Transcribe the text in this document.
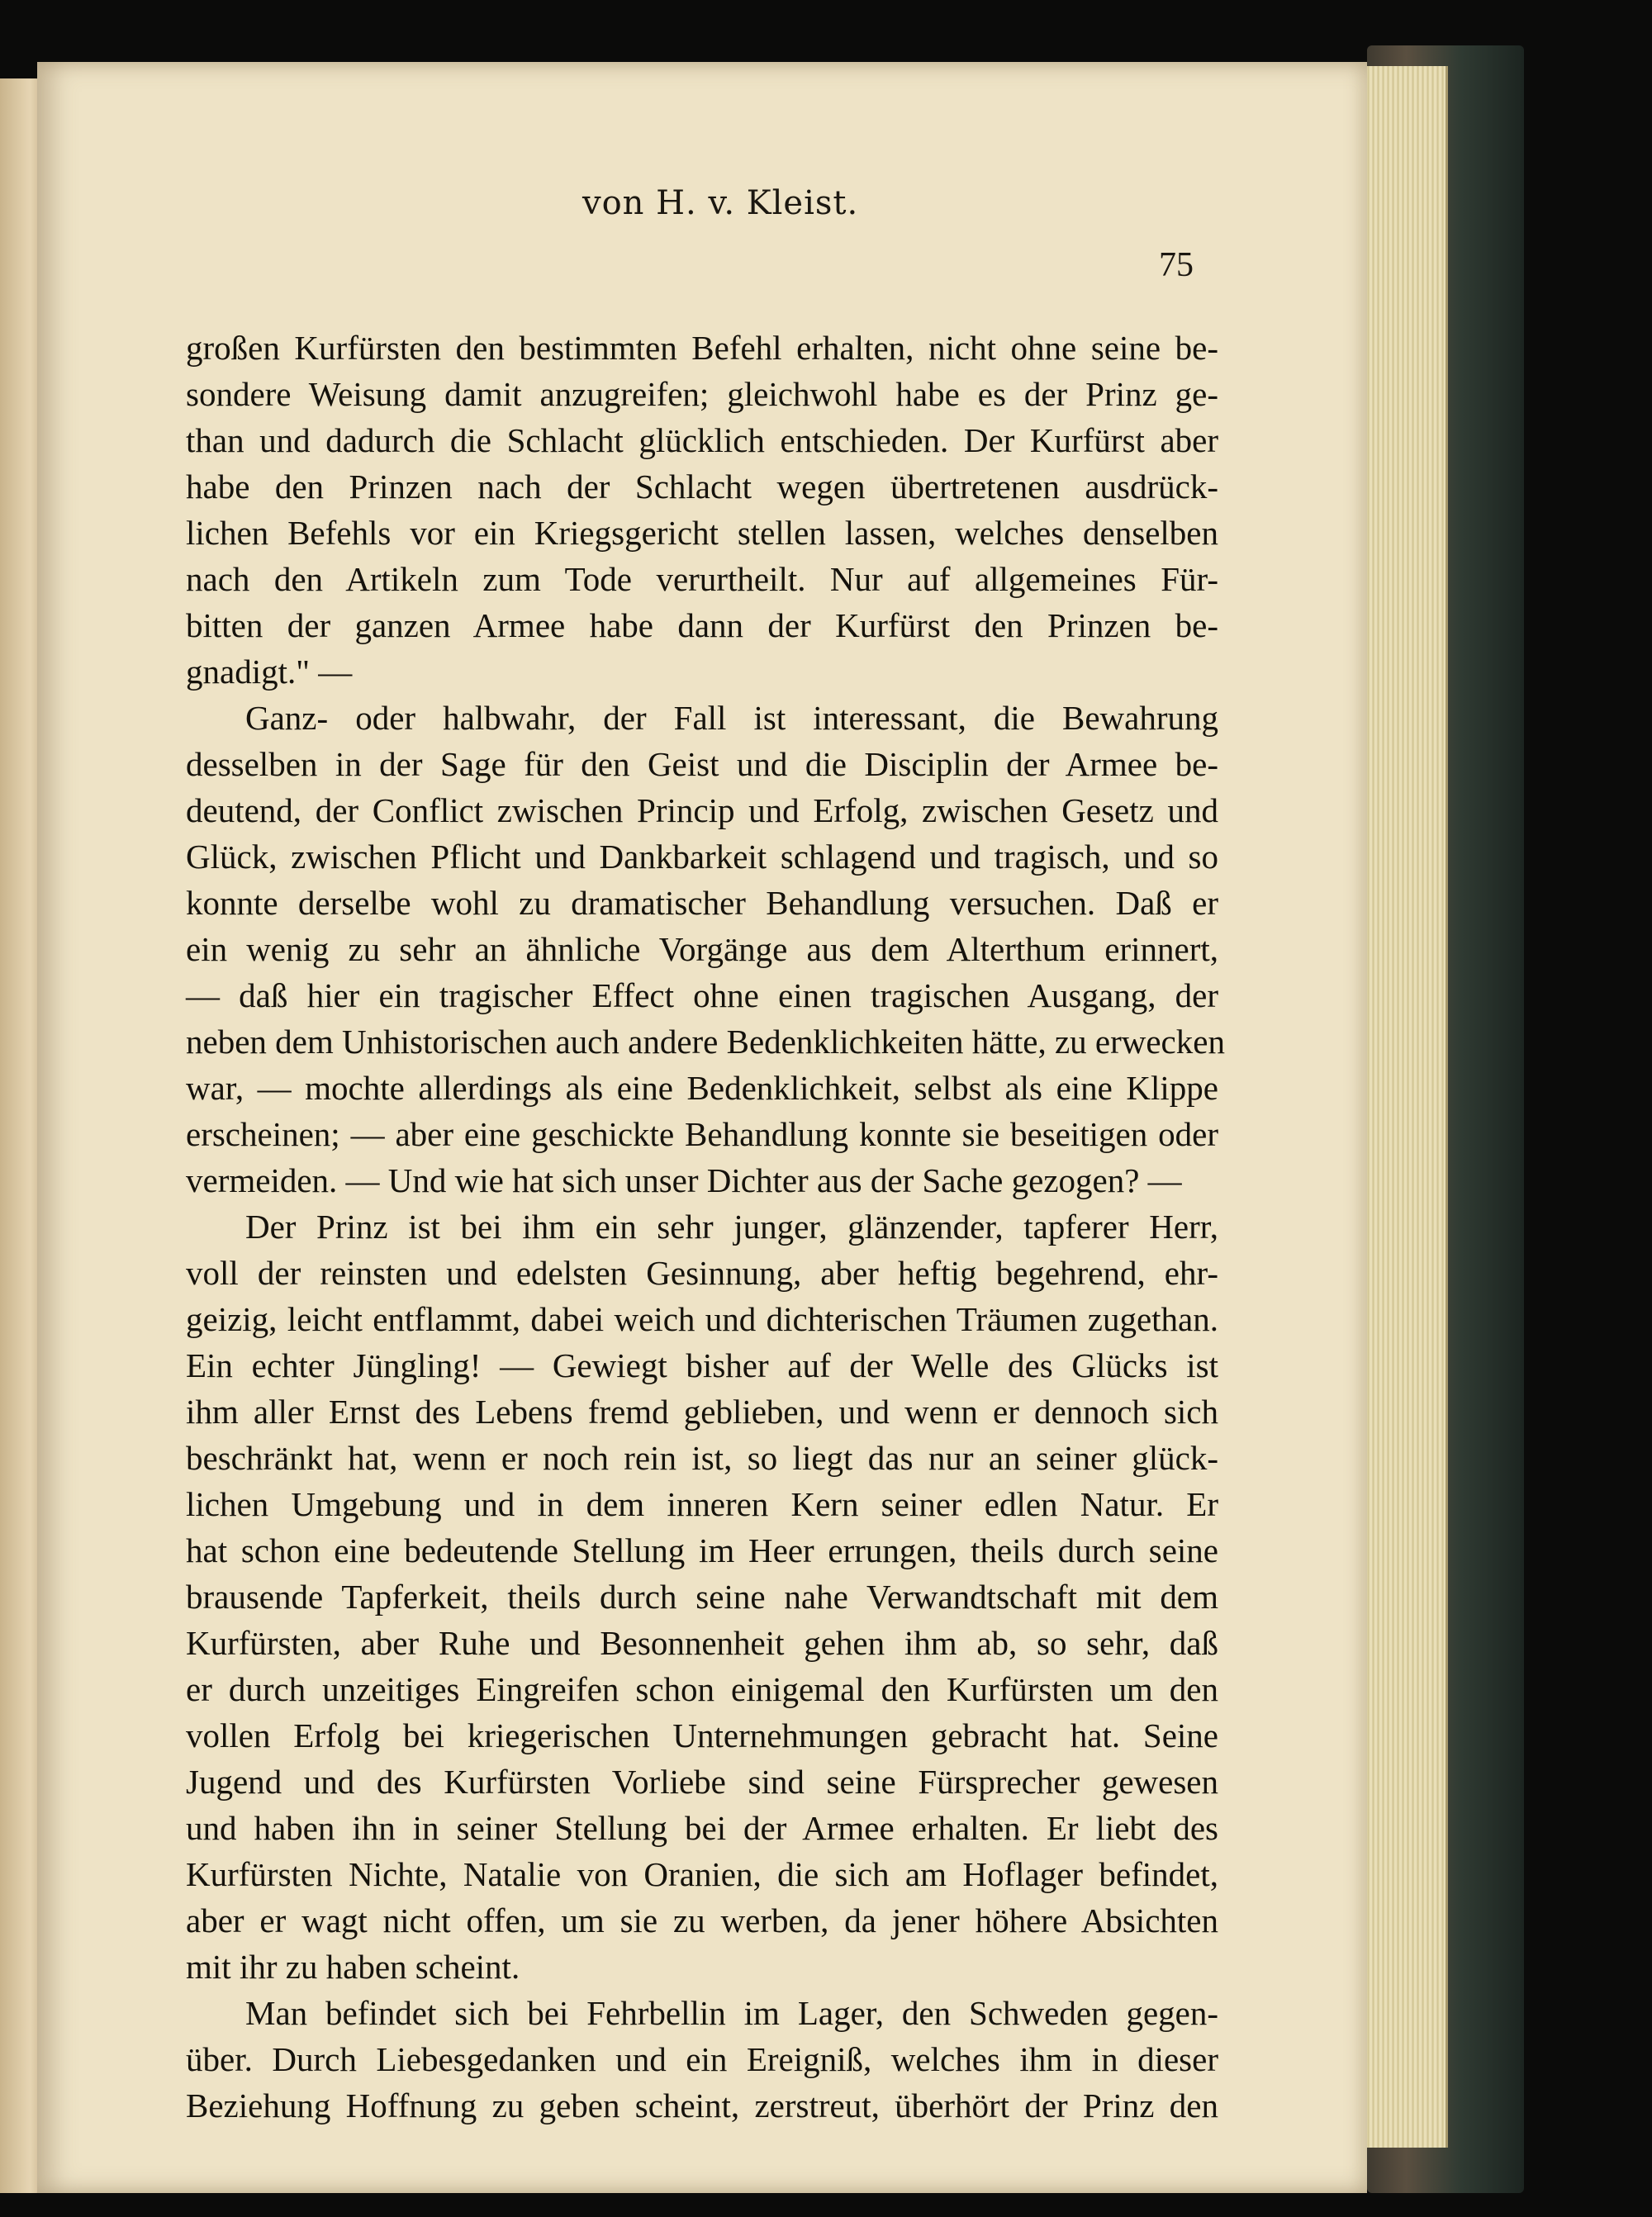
von H. v. Kleist.
75
großen Kurfürsten den bestimmten Befehl erhalten, nicht ohne seine be-
sondere Weisung damit anzugreifen; gleichwohl habe es der Prinz ge-
than und dadurch die Schlacht glücklich entschieden. Der Kurfürst aber
habe den Prinzen nach der Schlacht wegen übertretenen ausdrück-
lichen Befehls vor ein Kriegsgericht stellen lassen, welches denselben
nach den Artikeln zum Tode verurtheilt. Nur auf allgemeines Für-
bitten der ganzen Armee habe dann der Kurfürst den Prinzen be-
gnadigt." —
Ganz- oder halbwahr, der Fall ist interessant, die Bewahrung
desselben in der Sage für den Geist und die Disciplin der Armee be-
deutend, der Conflict zwischen Princip und Erfolg, zwischen Gesetz und
Glück, zwischen Pflicht und Dankbarkeit schlagend und tragisch, und so
konnte derselbe wohl zu dramatischer Behandlung versuchen. Daß er
ein wenig zu sehr an ähnliche Vorgänge aus dem Alterthum erinnert,
— daß hier ein tragischer Effect ohne einen tragischen Ausgang, der
neben dem Unhistorischen auch andere Bedenklichkeiten hätte, zu erwecken
war, — mochte allerdings als eine Bedenklichkeit, selbst als eine Klippe
erscheinen; — aber eine geschickte Behandlung konnte sie beseitigen oder
vermeiden. — Und wie hat sich unser Dichter aus der Sache gezogen? —
Der Prinz ist bei ihm ein sehr junger, glänzender, tapferer Herr,
voll der reinsten und edelsten Gesinnung, aber heftig begehrend, ehr-
geizig, leicht entflammt, dabei weich und dichterischen Träumen zugethan.
Ein echter Jüngling! — Gewiegt bisher auf der Welle des Glücks ist
ihm aller Ernst des Lebens fremd geblieben, und wenn er dennoch sich
beschränkt hat, wenn er noch rein ist, so liegt das nur an seiner glück-
lichen Umgebung und in dem inneren Kern seiner edlen Natur. Er
hat schon eine bedeutende Stellung im Heer errungen, theils durch seine
brausende Tapferkeit, theils durch seine nahe Verwandtschaft mit dem
Kurfürsten, aber Ruhe und Besonnenheit gehen ihm ab, so sehr, daß
er durch unzeitiges Eingreifen schon einigemal den Kurfürsten um den
vollen Erfolg bei kriegerischen Unternehmungen gebracht hat. Seine
Jugend und des Kurfürsten Vorliebe sind seine Fürsprecher gewesen
und haben ihn in seiner Stellung bei der Armee erhalten. Er liebt des
Kurfürsten Nichte, Natalie von Oranien, die sich am Hoflager befindet,
aber er wagt nicht offen, um sie zu werben, da jener höhere Absichten
mit ihr zu haben scheint.
Man befindet sich bei Fehrbellin im Lager, den Schweden gegen-
über. Durch Liebesgedanken und ein Ereigniß, welches ihm in dieser
Beziehung Hoffnung zu geben scheint, zerstreut, überhört der Prinz den
